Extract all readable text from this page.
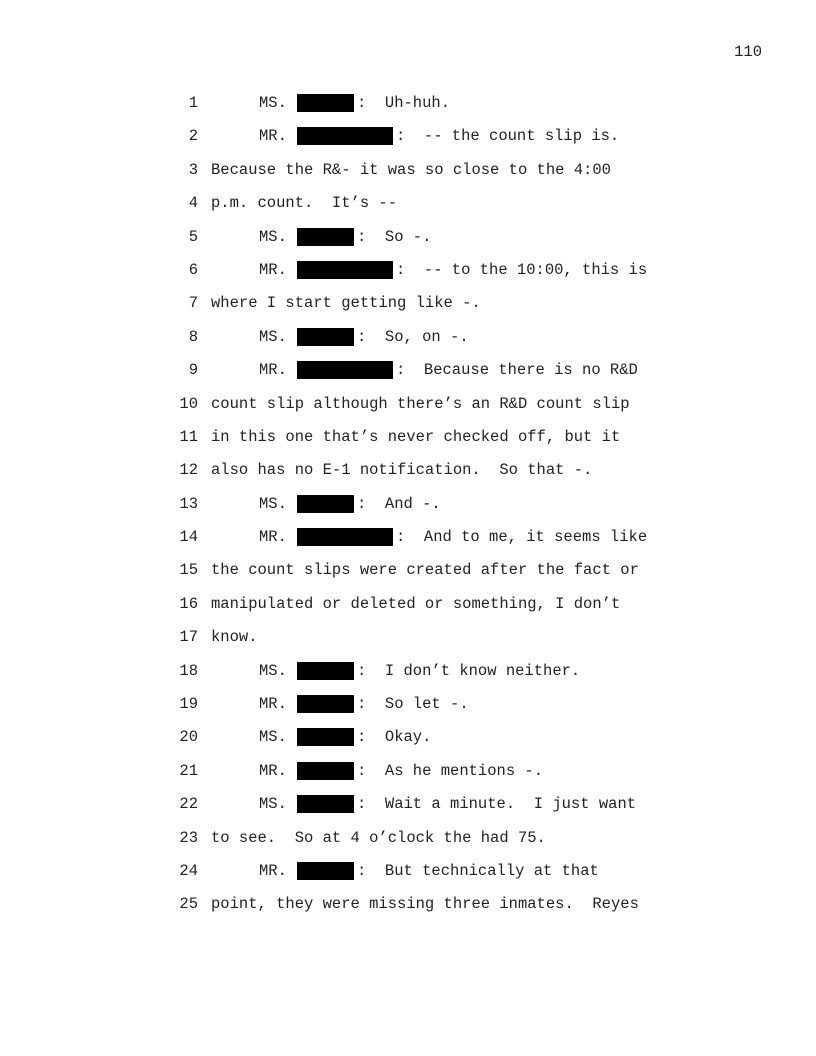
110
1	MS.	:  Uh-huh.
2	MR.	:  -- the count slip is.
3 Because the R&- it was so close to the 4:00
4 p.m. count.  It’s --
5	MS.	:  So -.
6	MR.	:  -- to the 10:00, this is
7 where I start getting like -.
8	MS.	:  So, on -.
9	MR.	:  Because there is no R&D
10 count slip although there’s an R&D count slip
11 in this one that’s never checked off, but it
12 also has no E-1 notification.  So that -.
13	MS.	:  And -.
14	MR.	:  And to me, it seems like
15 the count slips were created after the fact or
16 manipulated or deleted or something, I don’t
17 know.
18	MS.	:  I don’t know neither.
19	MR.	:  So let -.
20	MS.	:  Okay.
21	MR.	:  As he mentions -.
22	MS.	:  Wait a minute.  I just want
23 to see.  So at 4 o’clock the had 75.
24	MR.	:  But technically at that
25 point, they were missing three inmates.  Reyes
